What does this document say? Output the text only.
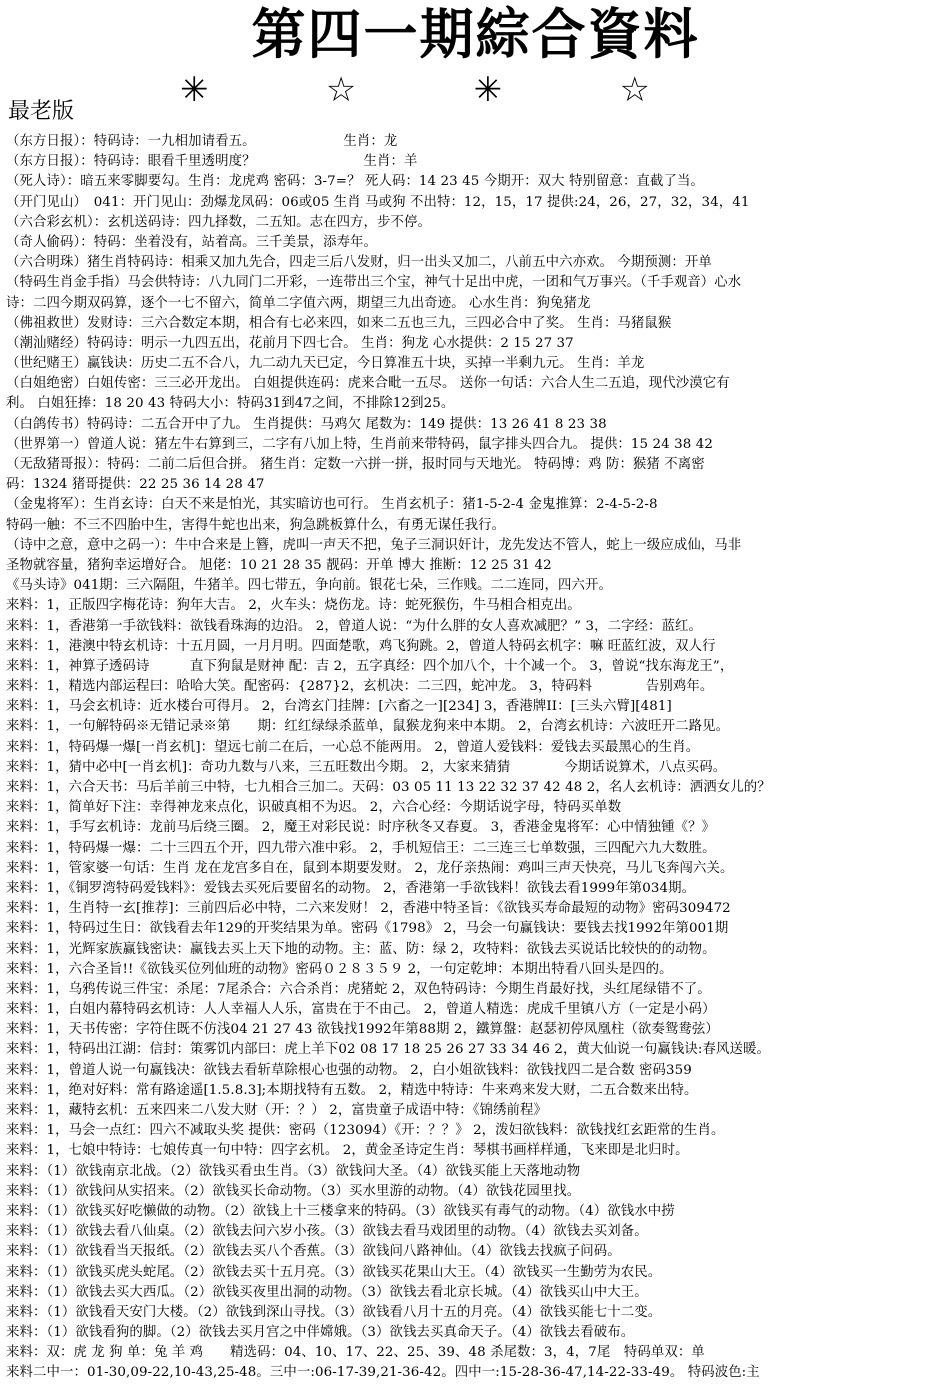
第四一期綜合資料
✳	☆	✳	☆
最老版
（东方日报）：特码诗：一九相加请看五。　　　　　　　生肖：龙
（东方日报）：特码诗：眼看千里透明度？　　　　　　　　生肖：羊
（死人诗）：暗五来零脚要勾。生肖：龙虎鸡 密码：3-7=？ 死人码：14 23 45 今期开：双大 特别留意：直截了当。
（开门见山）　041：开门见山：劲爆龙凤码：06或05 生肖 马或狗 不出特：12，15，17 提供:24，26，27，32，34，41
（六合彩玄机）：玄机送码诗：四九择数，二五知。志在四方，步不停。
（奇人偷码）：特码：坐着没有，站着高。三千美景，添寿年。
（六合明珠）猪生肖特码诗：相乘又加九先合，四走三后八发财，归一出头又加二，八前五中六亦欢。 今期预测：开单
（特码生肖金手指）马会供特诗：八九同门二开彩，一连带出三个宝，神气十足出中虎，一团和气万事兴。（千手观音）心水
诗：二四今期双码算，逐个一七不留六，简单二字值六两，期望三九出奇迹。 心水生肖：狗兔猪龙
（佛祖救世）发财诗：三六合数定本期，相合有七必来四，如来二五也三九，三四必合中了奖。 生肖：马猪鼠猴
（潮汕赌经）特码诗：明示一九四五出，花前月下四七合。 生肖：狗龙 心水提供：2 15 27 37
（世纪赌王）赢钱诀：历史二五不合八，九二动九天已定，今日算准五十块，买掉一半剩九元。 生肖：羊龙
（白姐绝密）白姐传密：三三必开龙出。 白姐提供连码：虎来合毗一五尽。 送你一句话：六合人生二五追，现代沙漠它有
利。 白姐狂捧：18 20 43 特码大小：特码31到47之间，不排除12到25。
（白鸽传书）特码诗：二五合开中了九。 生肖提供：马鸡欠 尾数为：149 提供：13 26 41 8 23 38
（世界第一）曾道人说：猪左牛右算到三，二字有八加上特，生肖前来带特码，鼠字排头四合九。 提供：15 24 38 42
（无敌猪哥报）：特码：二前二后但合拼。 猪生肖：定数一六拼一拼，报时同与天地光。 特码博：鸡 防：猴猪 不离密
码：1324 猪哥提供：22 25 36 14 28 47
（金鬼将军）：生肖玄诗：白天不来是怕光，其实暗访也可行。 生肖玄机子：猪1-5-2-4 金鬼推算：2-4-5-2-8
特码一触：不三不四胎中生，害得牛蛇也出来，狗急跳板算什么，有勇无谋任我行。
（诗中之意，意中之码一）：牛中合来是上簪，虎叫一声天不把，兔子三洞识奸计，龙先发达不管人，蛇上一级应成仙，马非
圣物就容量，猪狗幸运增好合。 旭佬：10 21 28 35 靓码：开单 博大 推断：12 25 31 42
《马头诗》041期：三六隔阻，牛猪羊。四七带五，争向前。银花七朵，三作贱。二二连同，四六开。
来料：1，正版四字梅花诗：狗年大吉。 2，火车头：烧伤龙。诗：蛇死猴伤，牛马相合相克出。
来料：1，香港第一手欲钱料：欲钱看珠海的边沿。 2，曾道人说：“为什么胖的女人喜欢减肥？” 3，二字经：蓝红。
来料：1，港澳中特玄机诗：十五月圆，一月月明。四面楚歌，鸡飞狗跳。2，曾道人特码玄机字：嘛 旺蓝红波，双人行
来料：1，神算子透码诗　　　直下狗鼠是财神 配：吉 2，五字真经：四个加八个，十个减一个。 3，曾说“找东海龙王”，
来料：1，精选内部运程曰：哈哈大笑。配密码：{287}2，玄机决：二三四，蛇冲龙。 3，特码料　　　　告别鸡年。
来料：1，马会玄机诗：近水楼台可得月。 2，台湾玄门挂牌：[六畜之一][234] 3，香港牌II：[三头六臂][481]
来料：1，一句解特码※无错记录※第　　期：红红绿绿杀蓝单，鼠猴龙狗来中本期。 2，台湾玄机诗：六波旺开二路见。
来料：1，特码爆一爆[一肖玄机]：望远七前二在后，一心总不能两用。 2，曾道人爱钱料：爱钱去买最黑心的生肖。
来料：1，猜中必中[一肖玄机]：奇功九数与八来，三五旺数出今期。 2，大家来猜猜　　　　今期话说算术，八点买码。
来料：1，六合天书：马后羊前三中特，七九相合三加二。天码：03 05 11 13 22 32 37 42 48 2，名人玄机诗：洒洒女儿的？
来料：1，简单好下注：幸得神龙来点化，识破真相不为迟。 2，六合心经：今期话说字母，特码买单数
来料：1，手写玄机诗：龙前马后绕三圈。 2，魔王对彩民说：时序秋冬又春夏。 3，香港金鬼将军：心中情独锺《？》
来料：1，特码爆一爆：二十三四五个开，四九带六准中彩。 2，手机短信王：二三连三七单数强，三四配六九大数胜。
来料：1，管家婆一句话：生肖 龙在龙宫多自在，鼠到本期要发财。 2，龙仔亲热闹：鸡叫三声天快亮，马儿飞奔闯六关。
来料：1，《铜罗湾特码爱钱料》：爱钱去买死后要留名的动物。 2，香港第一手欲钱料！欲钱去看1999年第034期。
来料：1，生肖特一玄[推荐]：三前四后必中特，二六来发财！ 2，香港中特圣旨：《欲钱买寿命最短的动物》密码309472
来料：1，特码过生日：欲钱看去年129的开奖结果为单。密码《1798》 2，马会一句赢钱诀：要钱去找1992年第001期
来料：1，光辉家族赢钱密诀：赢钱去买上天下地的动物。主：蓝、防：绿 2，攻特料：欲钱去买说话比较快的的动物。
来料：1，六合圣旨!!《欲钱买位列仙班的动物》密码０２８３５９ 2，一句定乾坤：本期出特看八回头是四的。
来料：1，乌鸦传说三件宝：杀尾：7尾杀合：六合杀肖：虎猪蛇 2，双色特码诗：今期生肖最好找，头红尾绿错不了。
来料：1，白姐内幕特码玄机诗：人人幸福人人乐，富贵在于不由己。 2，曾道人精选：虎成千里镇八方（一定是小码）
来料：1，天书传密：字符住既不仿浅04 21 27 43 欲钱找1992年第88期 2，鐵算盤：赵瑟初停凤凰柱（欲奏鸳鸯弦）
来料：1，特码出江湖：信封：策雾饥内部曰：虎上羊下02 08 17 18 25 26 27 33 34 46 2，黄大仙说一句赢钱诀:春风送暖。
来料：1，曾道人说一句赢钱决：欲钱去看斩草除根心也强的动物。 2，白小姐欲钱料：欲钱找四二是合数 密码359
来料：1，绝对好料：常有路途遥[1.5.8.3];本期找特有五数。 2，精选中特诗：牛来鸡来发大财，二五合数来出特。
来料：1，藏特玄机：五来四来二八发大财（开：？） 2，富贵童子成语中特：《锦绣前程》
来料：1，马会一点红：四六不减取头奖 提供：密码（123094）《开：？？》 2，泼妇欲钱料：欲钱找红玄距常的生肖。
来料：1，七娘中特诗：七娘传真一句中特：四字玄机。 2，黄金圣诗定生肖：琴棋书画样样通，飞来即是北归时。
来料：（1）欲钱南京北战。（2）欲钱买看虫生肖。（3）欲钱问大圣。（4）欲钱买能上天落地动物
来料：（1）欲钱问从实招来。（2）欲钱买长命动物。（3）买水里游的动物。（4）欲钱花园里找。
来料：（1）欲钱买好吃懒做的动物。（2）欲钱上十三楼拿来的特码。（3）欲钱买有毒气的动物。（4）欲钱水中捞
来料：（1）欲钱去看八仙桌。（2）欲钱去问六岁小孩。（3）欲钱去看马戏团里的动物。（4）欲钱去买刘备。
来料：（1）欲钱看当天报纸。（2）欲钱去买八个香蕉。（3）欲钱问八路神仙。（4）欲钱去找疯子问码。
来料：（1）欲钱买虎头蛇尾。（2）欲钱去买十五月亮。（3）欲钱买花果山大王。（4）欲钱买一生勤劳为农民。
来料：（1）欲钱去买大西瓜。（2）欲钱买夜里出洞的动物。（3）欲钱去看北京长城。（4）欲钱买山中大王。
来料：（1）欲钱看天安门大楼。（2）欲钱到深山寻找。（3）欲钱看八月十五的月亮。（4）欲钱买能七十二变。
来料：（1）欲钱看狗的脚。（2）欲钱去买月宫之中伴嫦娥。（3）欲钱去买真命天子。（4）欲钱去看破布。
来料：双：虎 龙 狗 单：兔 羊 鸡　　精选码：04、10、17、22、25、39、48 杀尾数：3，4，7尾　特码单双：单
来料二中一：01-30,09-22,10-43,25-48。三中一:06-17-39,21-36-42。四中一:15-28-36-47,14-22-33-49。 特码波色:主
